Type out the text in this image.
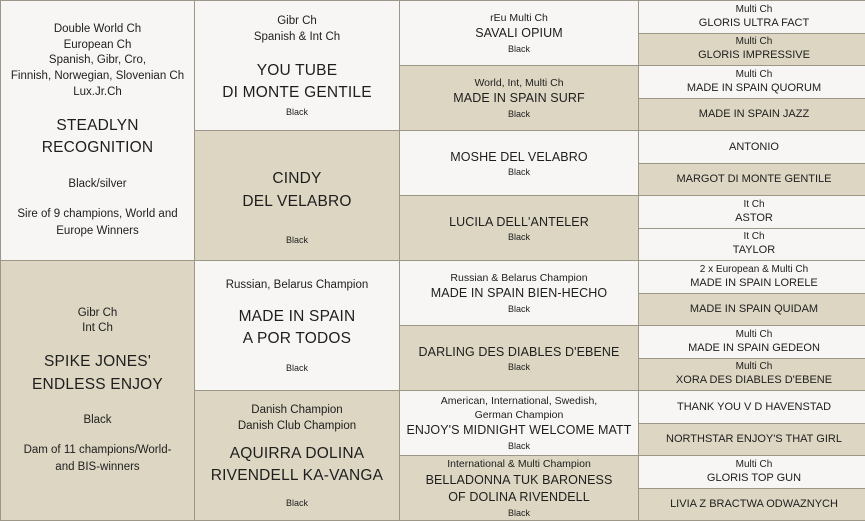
Double World Ch
European Ch
Spanish, Gibr, Cro,
Finnish, Norwegian, Slovenian Ch
Lux.Jr.Ch
STEADLYN
RECOGNITION
Black/silver
Sire of 9 champions, World and
Europe Winners
Gibr Ch
Int Ch
SPIKE JONES'
ENDLESS ENJOY
Black
Dam of 11 champions/World-
and BIS-winners
Gibr Ch
Spanish & Int Ch
YOU TUBE
DI MONTE GENTILE
Black
CINDY
DEL VELABRO
Black
Russian, Belarus Champion
MADE IN SPAIN
A POR TODOS
Black
Danish Champion
Danish Club Champion
AQUIRRA DOLINA
RIVENDELL KA-VANGA
Black
rEu Multi Ch
SAVALI OPIUM
Black
World, Int, Multi Ch
MADE IN SPAIN SURF
Black
MOSHE DEL VELABRO
Black
LUCILA DELL'ANTELER
Black
Russian & Belarus Champion
MADE IN SPAIN BIEN-HECHO
Black
DARLING DES DIABLES D'EBENE
Black
American, International, Swedish,
German Champion
ENJOY'S MIDNIGHT WELCOME MATT
Black
International & Multi Champion
BELLADONNA TUK BARONESS
OF DOLINA RIVENDELL
Black
Multi Ch
GLORIS ULTRA FACT
Multi Ch
GLORIS IMPRESSIVE
Multi Ch
MADE IN SPAIN QUORUM
MADE IN SPAIN JAZZ
ANTONIO
MARGOT DI MONTE GENTILE
It Ch
ASTOR
It Ch
TAYLOR
2 x European & Multi Ch
MADE IN SPAIN LORELE
MADE IN SPAIN QUIDAM
Multi Ch
MADE IN SPAIN GEDEON
Multi Ch
XORA DES DIABLES D'EBENE
THANK YOU V D HAVENSTAD
NORTHSTAR ENJOY'S THAT GIRL
Multi Ch
GLORIS TOP GUN
LIVIA Z BRACTWA ODWAZNYCH
